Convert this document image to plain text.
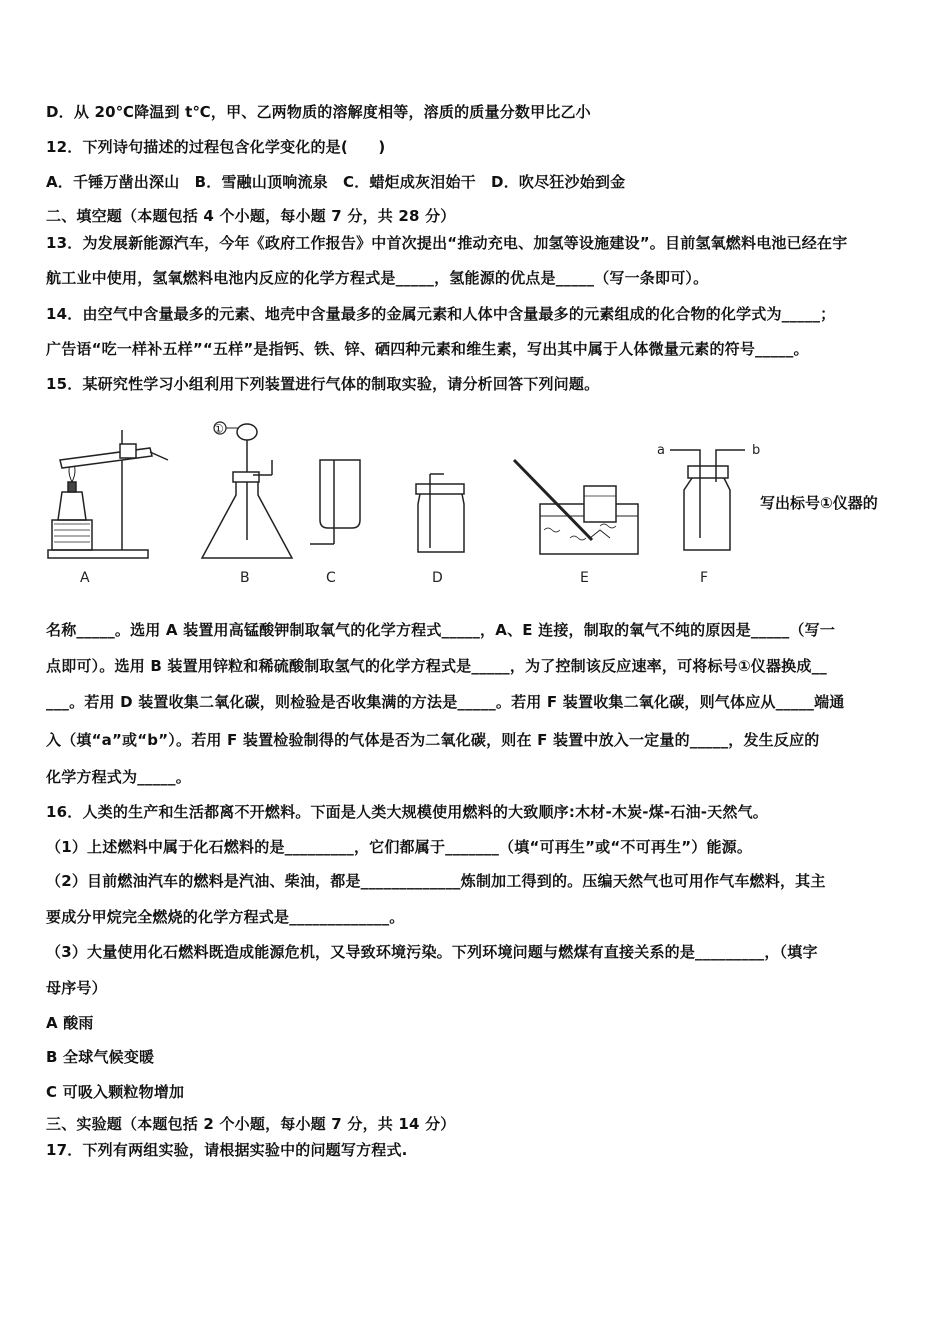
D．从 20℃降温到 t℃，甲、乙两物质的溶解度相等，溶质的质量分数甲比乙小
12．下列诗句描述的过程包含化学变化的是(　　)
A．千锤万凿出深山　B．雪融山顶响流泉　C．蜡炬成灰泪始干　D．吹尽狂沙始到金
二、填空题（本题包括 4 个小题，每小题 7 分，共 28 分）
13．为发展新能源汽车，今年《政府工作报告》中首次提出“推动充电、加氢等设施建设”。目前氢氧燃料电池已经在宇
航工业中使用，氢氧燃料电池内反应的化学方程式是_____，氢能源的优点是_____（写一条即可）。
14．由空气中含量最多的元素、地壳中含量最多的金属元素和人体中含量最多的元素组成的化合物的化学式为_____；
广告语“吃一样补五样”“五样”是指钙、铁、锌、硒四种元素和维生素，写出其中属于人体微量元素的符号_____。
15．某研究性学习小组利用下列装置进行气体的制取实验，请分析回答下列问题。
A
①
B	C	D	E
a	b
F
写出标号①仪器的
名称_____。选用 A 装置用高锰酸钾制取氧气的化学方程式_____，A、E 连接，制取的氧气不纯的原因是_____（写一
点即可）。选用 B 装置用锌粒和稀硫酸制取氢气的化学方程式是_____，为了控制该反应速率，可将标号①仪器换成__
___。若用 D 装置收集二氧化碳，则检验是否收集满的方法是_____。若用 F 装置收集二氧化碳，则气体应从_____端通
入（填“a”或“b”）。若用 F 装置检验制得的气体是否为二氧化碳，则在 F 装置中放入一定量的_____，发生反应的
化学方程式为_____。
16．人类的生产和生活都离不开燃料。下面是人类大规模使用燃料的大致顺序:木材-木炭-煤-石油-天然气。
（1）上述燃料中属于化石燃料的是_________，它们都属于_______（填“可再生”或“不可再生”）能源。
（2）目前燃油汽车的燃料是汽油、柴油，都是_____________炼制加工得到的。压编天然气也可用作气车燃料，其主
要成分甲烷完全燃烧的化学方程式是_____________。
（3）大量使用化石燃料既造成能源危机，又导致环境污染。下列环境问题与燃煤有直接关系的是_________，（填字
母序号）
A 酸雨
B 全球气候变暖
C 可吸入颗粒物增加
三、实验题（本题包括 2 个小题，每小题 7 分，共 14 分）
17．下列有两组实验，请根据实验中的问题写方程式.
